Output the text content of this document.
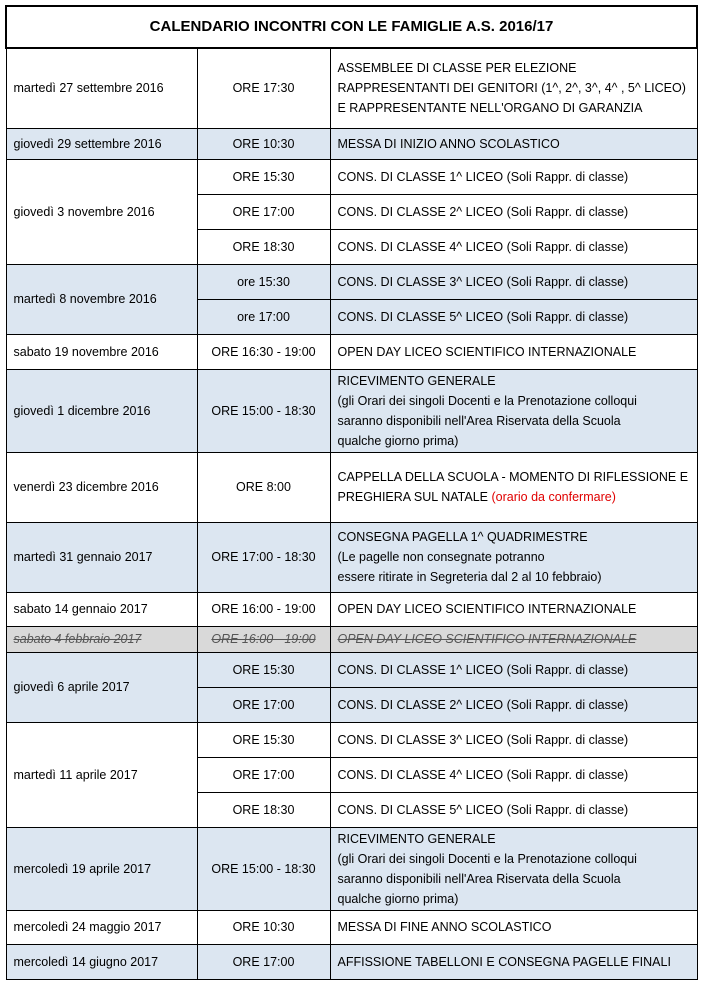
CALENDARIO INCONTRI CON LE FAMIGLIE A.S. 2016/17		
martedì 27 settembre 2016	ORE 17:30	ASSEMBLEE DI CLASSE PER ELEZIONE
RAPPRESENTANTI DEI GENITORI (1^, 2^, 3^, 4^ , 5^ LICEO)
E RAPPRESENTANTE NELL'ORGANO DI GARANZIA

giovedì 29 settembre 2016	ORE 10:30	MESSA DI INIZIO ANNO SCOLASTICO
giovedì 3 novembre 2016	ORE 15:30	CONS. DI CLASSE 1^ LICEO (Soli Rappr. di classe)
	ORE 17:00	CONS. DI CLASSE 2^ LICEO (Soli Rappr. di classe)
	ORE 18:30	CONS. DI CLASSE 4^ LICEO (Soli Rappr. di classe)
martedì 8 novembre 2016	ore 15:30	CONS. DI CLASSE 3^ LICEO (Soli Rappr. di classe)
	ore 17:00	CONS. DI CLASSE 5^ LICEO (Soli Rappr. di classe)
sabato 19 novembre 2016	ORE 16:30 - 19:00	OPEN DAY LICEO SCIENTIFICO INTERNAZIONALE
giovedì 1 dicembre 2016	ORE 15:00 - 18:30	RICEVIMENTO GENERALE
(gli Orari dei singoli Docenti e la Prenotazione colloqui
saranno disponibili nell'Area Riservata della Scuola
qualche giorno prima)

venerdì 23 dicembre 2016	ORE 8:00	CAPPELLA DELLA SCUOLA - MOMENTO DI RIFLESSIONE E
PREGHIERA SUL NATALE (orario da confermare)

martedì 31 gennaio 2017	ORE 17:00 - 18:30	CONSEGNA PAGELLA 1^ QUADRIMESTRE
(Le pagelle non consegnate potranno
essere ritirate in Segreteria dal 2 al 10 febbraio)

sabato 14 gennaio 2017	ORE 16:00 - 19:00	OPEN DAY LICEO SCIENTIFICO INTERNAZIONALE
sabato 4 febbraio 2017	ORE 16:00 - 19:00	OPEN DAY LICEO SCIENTIFICO INTERNAZIONALE
giovedì 6 aprile 2017	ORE 15:30	CONS. DI CLASSE 1^ LICEO (Soli Rappr. di classe)
	ORE 17:00	CONS. DI CLASSE 2^ LICEO (Soli Rappr. di classe)
martedì 11 aprile 2017	ORE 15:30	CONS. DI CLASSE 3^ LICEO (Soli Rappr. di classe)
	ORE 17:00	CONS. DI CLASSE 4^ LICEO (Soli Rappr. di classe)
	ORE 18:30	CONS. DI CLASSE 5^ LICEO (Soli Rappr. di classe)
mercoledì 19 aprile 2017	ORE 15:00 - 18:30	RICEVIMENTO GENERALE
(gli Orari dei singoli Docenti e la Prenotazione colloqui
saranno disponibili nell'Area Riservata della Scuola
qualche giorno prima)

mercoledì 24 maggio 2017	ORE 10:30	MESSA DI FINE ANNO SCOLASTICO
mercoledì 14 giugno 2017	ORE 17:00	AFFISSIONE TABELLONI E CONSEGNA PAGELLE FINALI
